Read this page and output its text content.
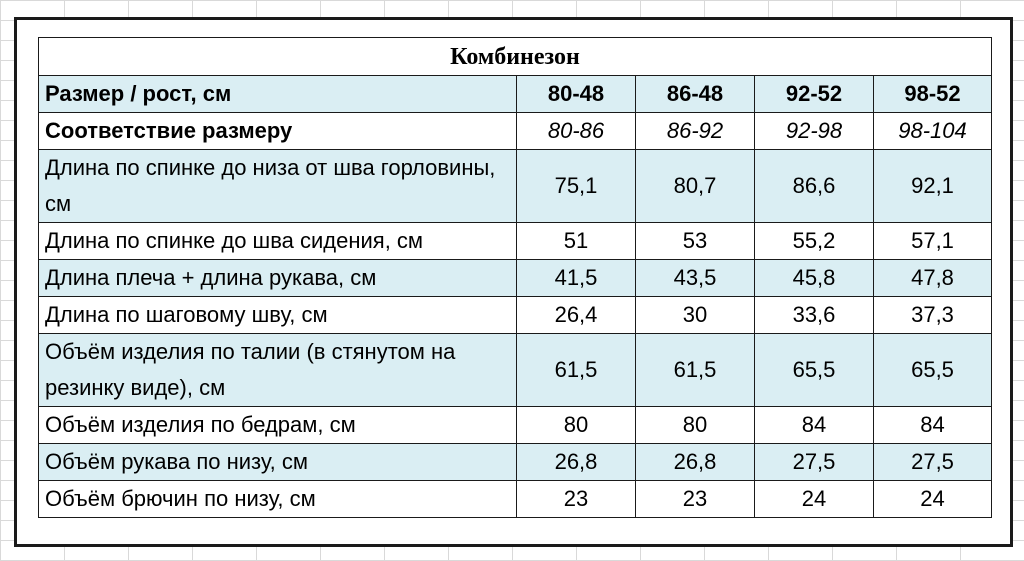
Комбинезон				
Размер / рост, см	80-48	86-48	92-52	98-52
Соответствие размеру	80-86	86-92	92-98	98-104
Длина по спинке до низа от шва горловины, см	75,1	80,7	86,6	92,1
Длина по спинке до шва сидения, см	51	53	55,2	57,1
Длина плеча + длина рукава, см	41,5	43,5	45,8	47,8
Длина по шаговому шву, см	26,4	30	33,6	37,3
Объём изделия по талии (в стянутом на резинку виде), см	61,5	61,5	65,5	65,5
Объём изделия по бедрам, см	80	80	84	84
Объём рукава по низу, см	26,8	26,8	27,5	27,5
Объём брючин по низу, см	23	23	24	24
